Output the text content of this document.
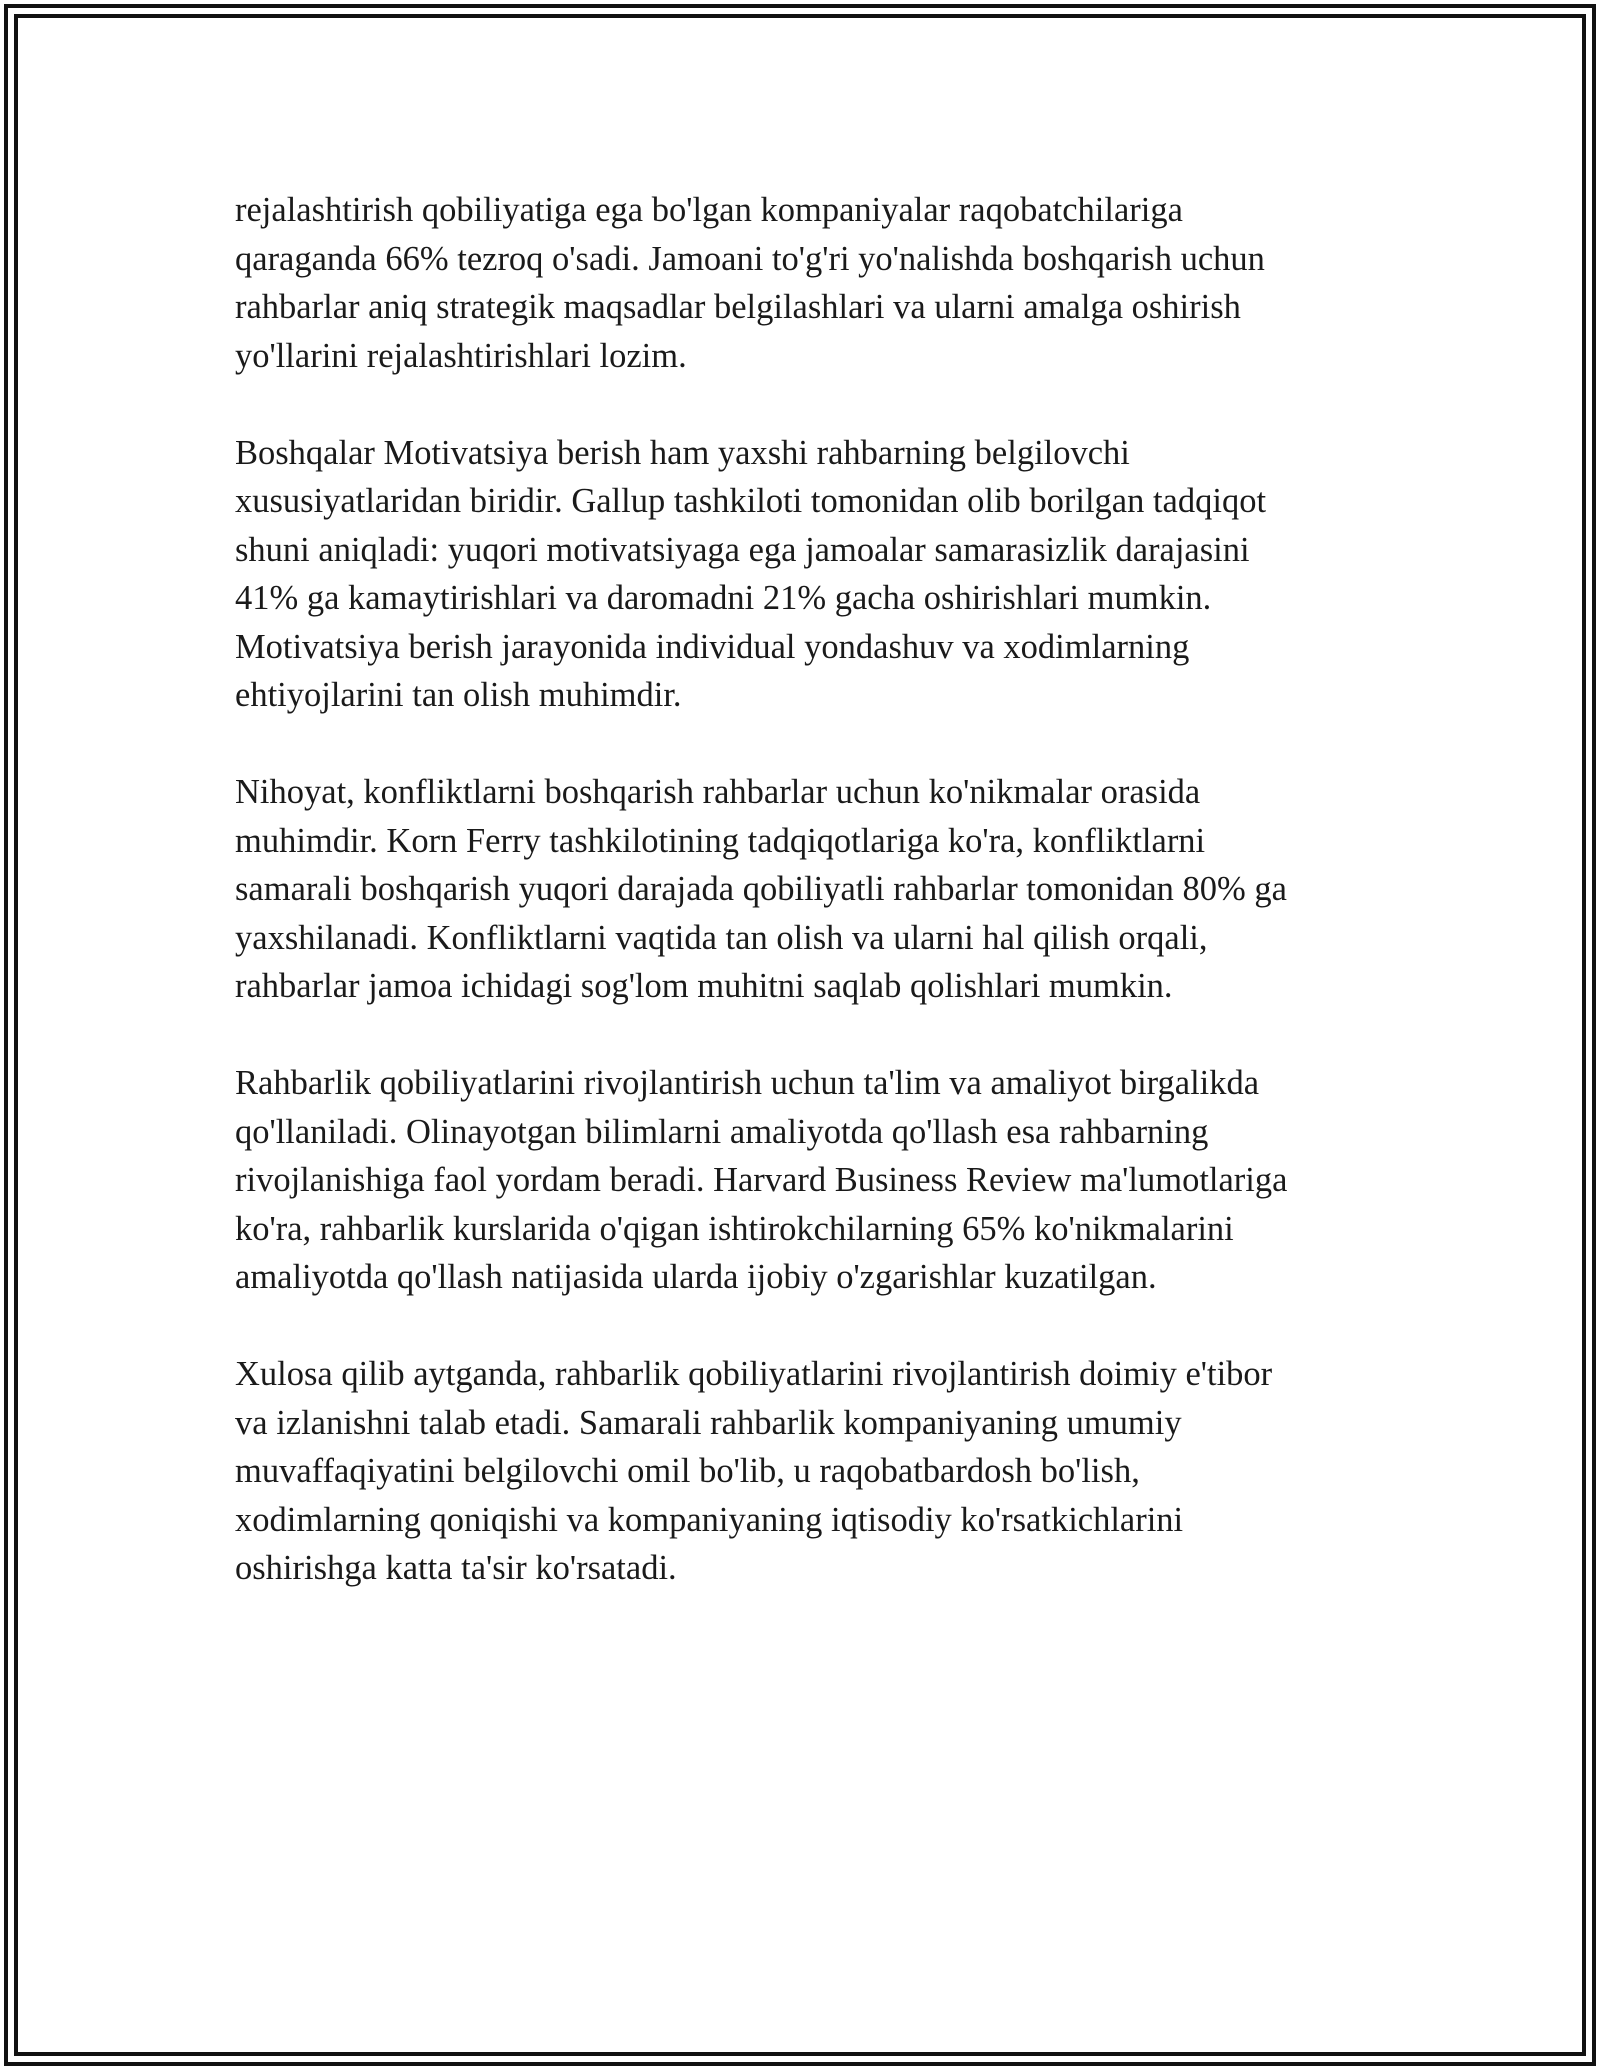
rejalashtirish qobiliyatiga ega bo'lgan kompaniyalar raqobatchilariga
qaraganda 66% tezroq o'sadi. Jamoani to'g'ri yo'nalishda boshqarish uchun
rahbarlar aniq strategik maqsadlar belgilashlari va ularni amalga oshirish
yo'llarini rejalashtirishlari lozim.

Boshqalar Motivatsiya berish ham yaxshi rahbarning belgilovchi
xususiyatlaridan biridir. Gallup tashkiloti tomonidan olib borilgan tadqiqot
shuni aniqladi: yuqori motivatsiyaga ega jamoalar samarasizlik darajasini
41% ga kamaytirishlari va daromadni 21% gacha oshirishlari mumkin.
Motivatsiya berish jarayonida individual yondashuv va xodimlarning
ehtiyojlarini tan olish muhimdir.

Nihoyat, konfliktlarni boshqarish rahbarlar uchun ko'nikmalar orasida
muhimdir. Korn Ferry tashkilotining tadqiqotlariga ko'ra, konfliktlarni
samarali boshqarish yuqori darajada qobiliyatli rahbarlar tomonidan 80% ga
yaxshilanadi. Konfliktlarni vaqtida tan olish va ularni hal qilish orqali,
rahbarlar jamoa ichidagi sog'lom muhitni saqlab qolishlari mumkin.

Rahbarlik qobiliyatlarini rivojlantirish uchun ta'lim va amaliyot birgalikda
qo'llaniladi. Olinayotgan bilimlarni amaliyotda qo'llash esa rahbarning
rivojlanishiga faol yordam beradi. Harvard Business Review ma'lumotlariga
ko'ra, rahbarlik kurslarida o'qigan ishtirokchilarning 65% ko'nikmalarini
amaliyotda qo'llash natijasida ularda ijobiy o'zgarishlar kuzatilgan.

Xulosa qilib aytganda, rahbarlik qobiliyatlarini rivojlantirish doimiy e'tibor
va izlanishni talab etadi. Samarali rahbarlik kompaniyaning umumiy
muvaffaqiyatini belgilovchi omil bo'lib, u raqobatbardosh bo'lish,
xodimlarning qoniqishi va kompaniyaning iqtisodiy ko'rsatkichlarini
oshirishga katta ta'sir ko'rsatadi.
